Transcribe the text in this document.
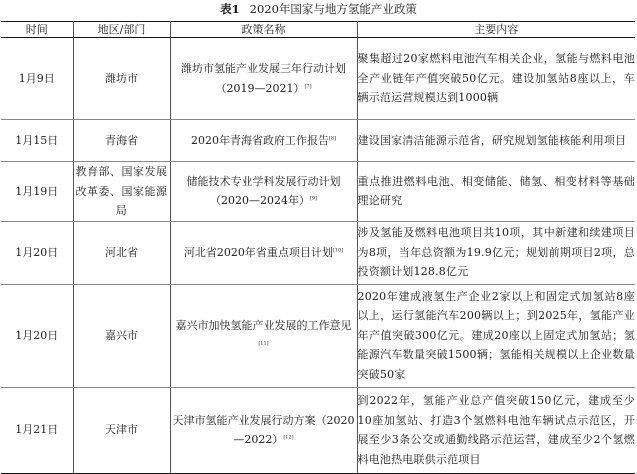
表1 2020年国家与地方氢能产业政策
时间	地区/部门	政策名称	主要内容
1月9日	潍坊市	潍坊市氢能产业发展三年行动计划（2019—2021）[7]	聚集超过20家燃料电池汽车相关企业，氢能与燃料电池全产业链年产值突破50亿元。建设加氢站8座以上，车辆示范运营规模达到1000辆
1月15日	青海省	2020年青海省政府工作报告[8]	建设国家清洁能源示范省，研究规划氢能核能利用项目
1月19日	教育部、国家发展改革委、国家能源局	储能技术专业学科发展行动计划（2020—2024年）[9]	重点推进燃料电池、相变储能、储氢、相变材料等基础理论研究
1月20日	河北省	河北省2020年省重点项目计划[10]	涉及氢能及燃料电池项目共10项，其中新建和续建项目为8项，当年总资额为19.9亿元；规划前期项目2项，总投资额计划128.8亿元
1月20日	嘉兴市	嘉兴市加快氢能产业发展的工作意见[11]	2020年建成液氢生产企业2家以上和固定式加氢站8座以上，运行氢能汽车200辆以上；到2025年，氢能产业年产值突破300亿元。建成20座以上固定式加氢站；氢能源汽车数量突破1500辆；氢能相关规模以上企业数量突破50家
1月21日	天津市	天津市氢能产业发展行动方案（2020—2022）[12]	到2022年，氢能产业总产值突破150亿元，建成至少10座加氢站、打造3个氢燃料电池车辆试点示范区，开展至少3条公交或通勤线路示范运营，建成至少2个氢燃料电池热电联供示范项目
